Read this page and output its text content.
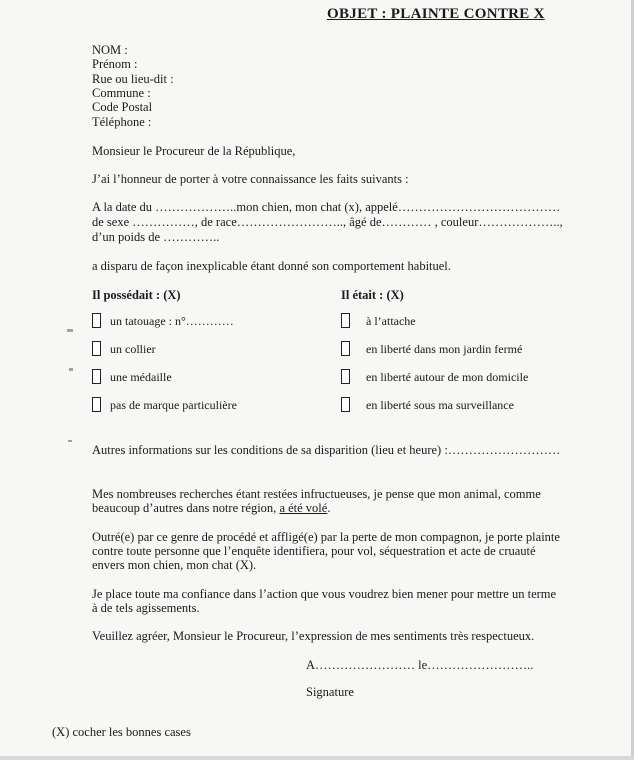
OBJET : PLAINTE CONTRE X
NOM :
Prénom :
Rue ou lieu-dit :
Commune :
Code Postal
Téléphone :
Monsieur le Procureur de la République,
J’ai l’honneur de porter à votre connaissance les faits suivants :
A la date du ………………..mon chien, mon chat (x), appelé…………………………………
de sexe ……………, de race…………………….., âgé de………… , couleur………………..,
d’un poids de …………..
a disparu de façon inexplicable étant donné son comportement habituel.
Il possédait : (X)	Il était : (X)
un tatouage : n°…………
un collier
une médaille
pas de marque particulière
à l’attache
en liberté dans mon jardin fermé
en liberté autour de mon domicile
en liberté sous ma surveillance
Autres informations sur les conditions de sa disparition (lieu et heure) :………………………
Mes nombreuses recherches étant restées infructueuses, je pense que mon animal, comme
beaucoup d’autres dans notre région, a été volé.
Outré(e) par ce genre de procédé et affligé(e) par la perte de mon compagnon, je porte plainte
contre toute personne que l’enquête identifiera, pour vol, séquestration et acte de cruauté
envers mon chien, mon chat (X).
Je place toute ma confiance dans l’action que vous voudrez bien mener pour mettre un terme
à de tels agissements.
Veuillez agréer, Monsieur le Procureur, l’expression de mes sentiments très respectueux.
A…………………… le……………………..
Signature
(X) cocher les bonnes cases
